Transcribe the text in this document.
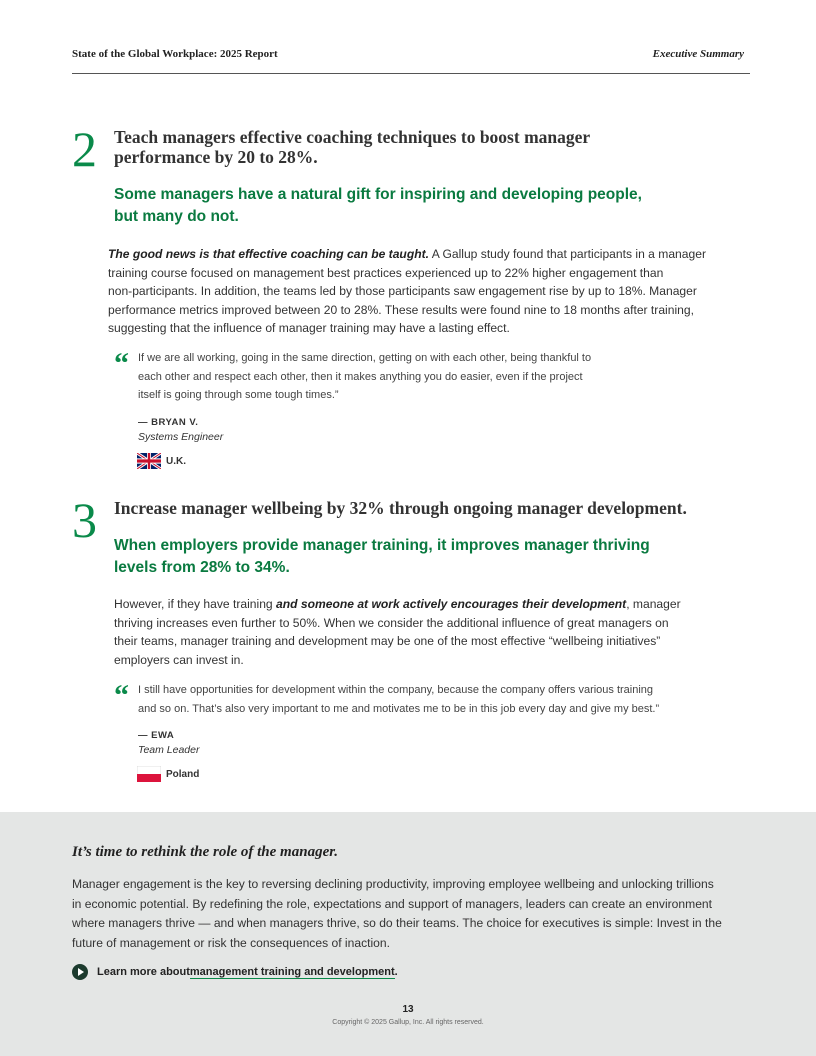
State of the Global Workplace: 2025 Report	Executive Summary
2 Teach managers effective coaching techniques to boost manager
performance by 20 to 28%.
Some managers have a natural gift for inspiring and developing people,
but many do not.
The good news is that effective coaching can be taught. A Gallup study found that participants in a manager
training course focused on management best practices experienced up to 22% higher engagement than
non-participants. In addition, the teams led by those participants saw engagement rise by up to 18%. Manager
performance metrics improved between 20 to 28%. These results were found nine to 18 months after training,
suggesting that the influence of manager training may have a lasting effect.
“ If we are all working, going in the same direction, getting on with each other, being thankful to
each other and respect each other, then it makes anything you do easier, even if the project
itself is going through some tough times.”
— BRYAN V.
Systems Engineer
U.K.
3 Increase manager wellbeing by 32% through ongoing manager development.
When employers provide manager training, it improves manager thriving
levels from 28% to 34%.
However, if they have training and someone at work actively encourages their development, manager
thriving increases even further to 50%. When we consider the additional influence of great managers on
their teams, manager training and development may be one of the most effective “wellbeing initiatives”
employers can invest in.
“ I still have opportunities for development within the company, because the company offers various training
and so on. That’s also very important to me and motivates me to be in this job every day and give my best.”
— EWA
Team Leader
Poland
It’s time to rethink the role of the manager.
Manager engagement is the key to reversing declining productivity, improving employee wellbeing and unlocking trillions
in economic potential. By redefining the role, expectations and support of managers, leaders can create an environment
where managers thrive — and when managers thrive, so do their teams. The choice for executives is simple: Invest in the
future of management or risk the consequences of inaction.
Learn more about management training and development .
13
Copyright © 2025 Gallup, Inc. All rights reserved.
